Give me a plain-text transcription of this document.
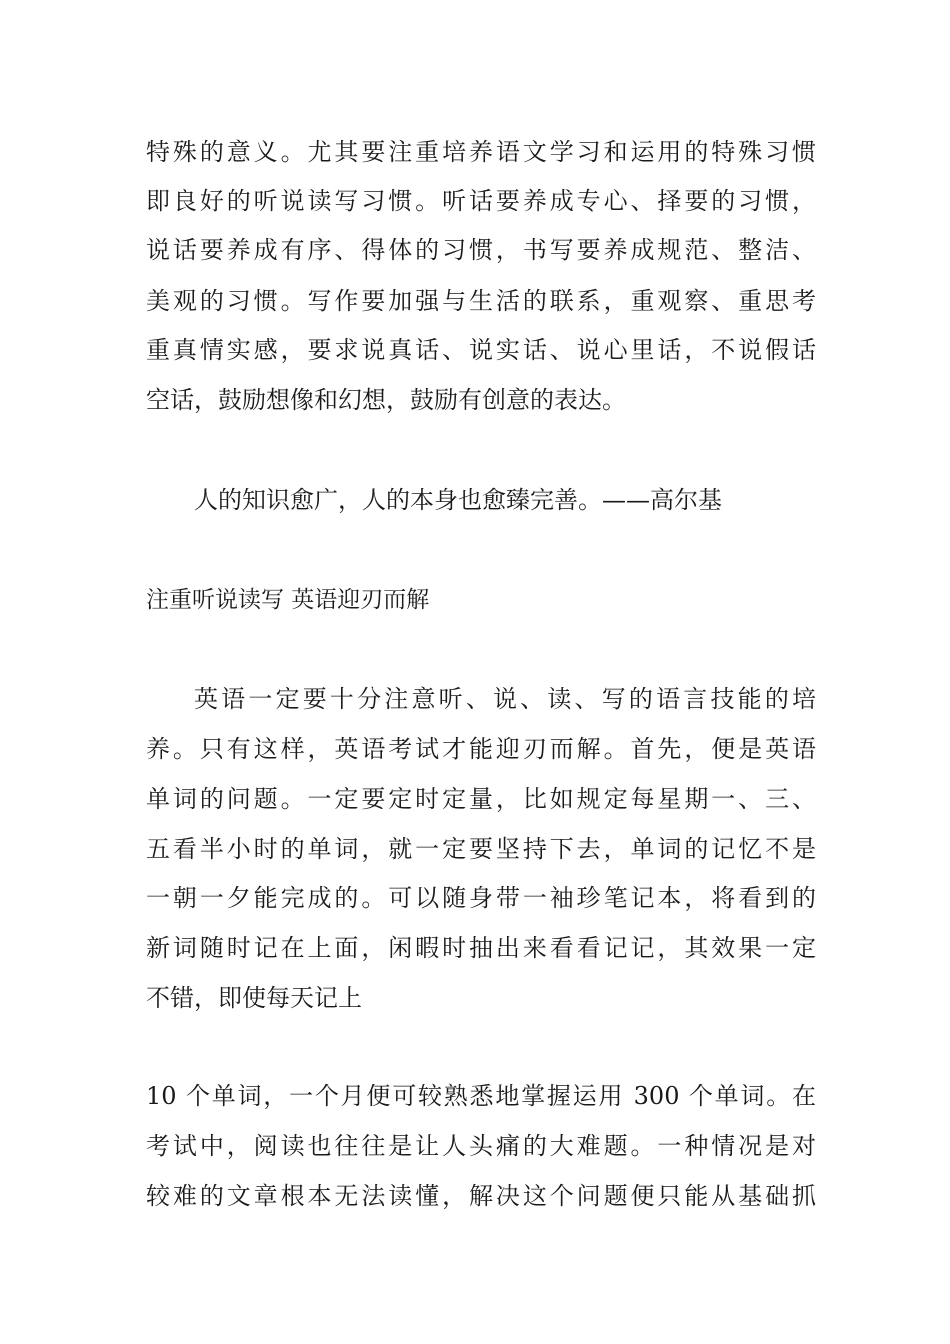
特殊的意义。尤其要注重培养语文学习和运用的特殊习惯
即良好的听说读写习惯。听话要养成专心、择要的习惯，
说话要养成有序、得体的习惯，书写要养成规范、整洁、
美观的习惯。写作要加强与生活的联系，重观察、重思考
重真情实感，要求说真话、说实话、说心里话，不说假话
空话，鼓励想像和幻想，鼓励有创意的表达。
人的知识愈广，人的本身也愈臻完善。——高尔基
注重听说读写 英语迎刃而解
英语一定要十分注意听、说、读、写的语言技能的培
养。只有这样，英语考试才能迎刃而解。首先，便是英语
单词的问题。一定要定时定量，比如规定每星期一、三、
五看半小时的单词，就一定要坚持下去，单词的记忆不是
一朝一夕能完成的。可以随身带一袖珍笔记本，将看到的
新词随时记在上面，闲暇时抽出来看看记记，其效果一定
不错，即使每天记上
10 个单词，一个月便可较熟悉地掌握运用 300 个单词。在
考试中，阅读也往往是让人头痛的大难题。一种情况是对
较难的文章根本无法读懂，解决这个问题便只能从基础抓
